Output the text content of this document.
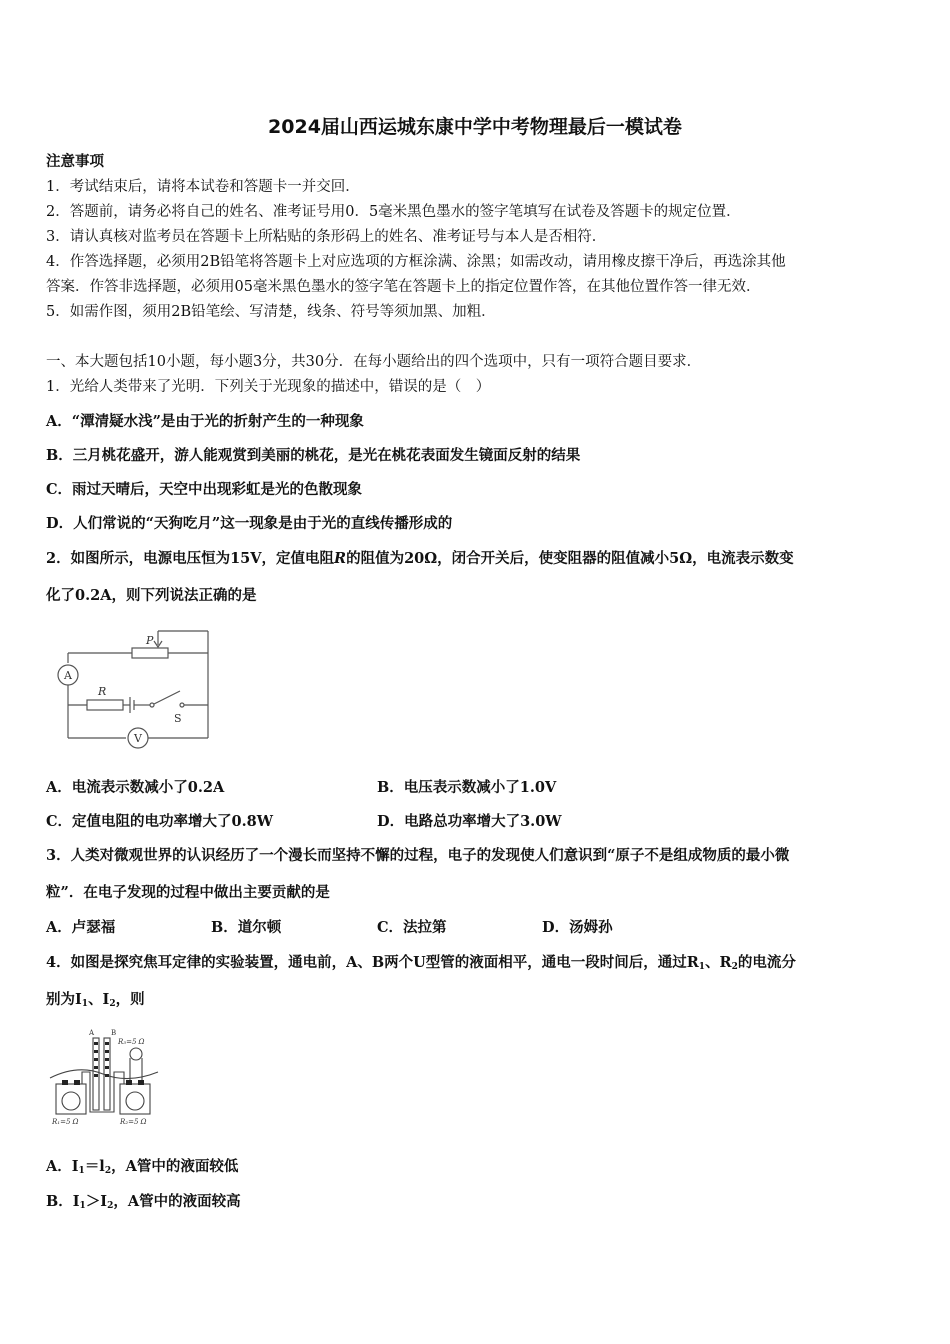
2024届山西运城东康中学中考物理最后一模试卷
注意事项
1．考试结束后，请将本试卷和答题卡一并交回．
2．答题前，请务必将自己的姓名、准考证号用0．5毫米黑色墨水的签字笔填写在试卷及答题卡的规定位置．
3．请认真核对监考员在答题卡上所粘贴的条形码上的姓名、准考证号与本人是否相符．
4．作答选择题，必须用2B铅笔将答题卡上对应选项的方框涂满、涂黑；如需改动，请用橡皮擦干净后，再选涂其他
答案．作答非选择题，必须用05毫米黑色墨水的签字笔在答题卡上的指定位置作答，在其他位置作答一律无效．
5．如需作图，须用2B铅笔绘、写清楚，线条、符号等须加黑、加粗．
一、本大题包括10小题，每小题3分，共30分．在每小题给出的四个选项中，只有一项符合题目要求．
1．光给人类带来了光明．下列关于光现象的描述中，错误的是（　）
A．“潭清疑水浅”是由于光的折射产生的一种现象
B．三月桃花盛开，游人能观赏到美丽的桃花，是光在桃花表面发生镜面反射的结果
C．雨过天晴后，天空中出现彩虹是光的色散现象
D．人们常说的“天狗吃月”这一现象是由于光的直线传播形成的
2．如图所示，电源电压恒为15V，定值电阻R的阻值为20Ω，闭合开关后，使变阻器的阻值减小5Ω，电流表示数变
化了0.2A，则下列说法正确的是
P
A
R
S
V
A．电流表示数减小了0.2A	B．电压表示数减小了1.0V
C．定值电阻的电功率增大了0.8W	D．电路总功率增大了3.0W
3．人类对微观世界的认识经历了一个漫长而坚持不懈的过程，电子的发现使人们意识到“原子不是组成物质的最小微
粒”．在电子发现的过程中做出主要贡献的是
A．卢瑟福	B．道尔顿	C．法拉第	D．汤姆孙
4．如图是探究焦耳定律的实验装置，通电前，A、B两个U型管的液面相平，通电一段时间后，通过$R_1$、$R_2$的电流分
别为$I_1$、$I_2$，则
A B
R₃=5 Ω
R₁=5 Ω	R₂=5 Ω
A．$I_1=l_2$，A管中的液面较低
B．$I_1>I_2$，A管中的液面较高
